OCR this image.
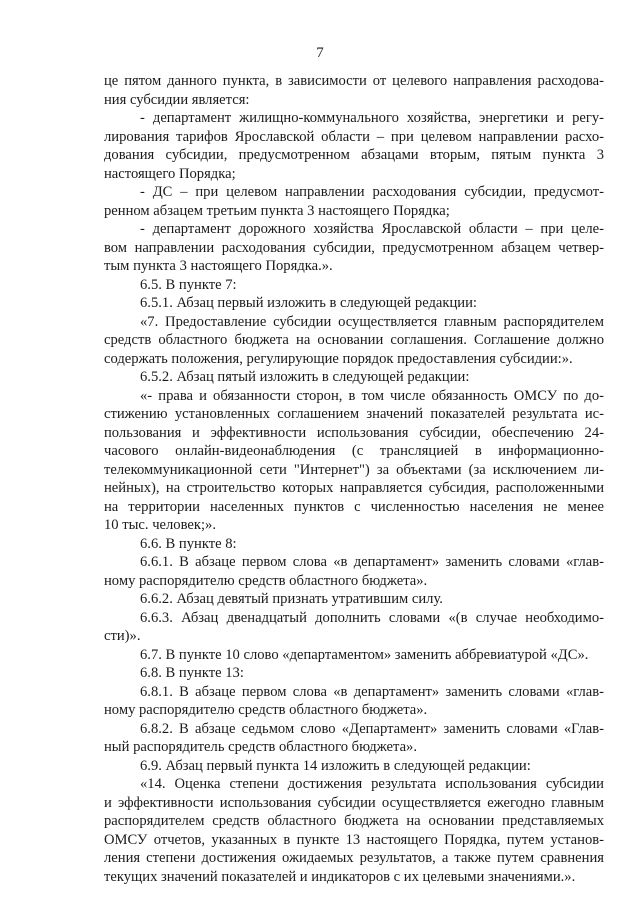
7
це пятом данного пункта, в зависимости от целевого направления расходова-
ния субсидии является:
- департамент жилищно-коммунального хозяйства, энергетики и регу-
лирования тарифов Ярославской области – при целевом направлении расхо-
дования субсидии, предусмотренном абзацами вторым, пятым пункта 3
настоящего Порядка;
- ДС – при целевом направлении расходования субсидии, предусмот-
ренном абзацем третьим пункта 3 настоящего Порядка;
- департамент дорожного хозяйства Ярославской области – при целе-
вом направлении расходования субсидии, предусмотренном абзацем четвер-
тым пункта 3 настоящего Порядка.».
6.5. В пункте 7:
6.5.1. Абзац первый изложить в следующей редакции:
«7. Предоставление субсидии осуществляется главным распорядителем
средств областного бюджета на основании соглашения. Соглашение должно
содержать положения, регулирующие порядок предоставления субсидии:».
6.5.2. Абзац пятый изложить в следующей редакции:
«- права и обязанности сторон, в том числе обязанность ОМСУ по до-
стижению установленных соглашением значений показателей результата ис-
пользования и эффективности использования субсидии, обеспечению 24-
часового онлайн-видеонаблюдения (с трансляцией в информационно-
телекоммуникационной сети "Интернет") за объектами (за исключением ли-
нейных), на строительство которых направляется субсидия, расположенными
на территории населенных пунктов с численностью населения не менее
10 тыс. человек;».
6.6. В пункте 8:
6.6.1. В абзаце первом слова «в департамент» заменить словами «глав-
ному распорядителю средств областного бюджета».
6.6.2. Абзац девятый признать утратившим силу.
6.6.3. Абзац двенадцатый дополнить словами «(в случае необходимо-
сти)».
6.7. В пункте 10 слово «департаментом» заменить аббревиатурой «ДС».
6.8. В пункте 13:
6.8.1. В абзаце первом слова «в департамент» заменить словами «глав-
ному распорядителю средств областного бюджета».
6.8.2. В абзаце седьмом слово «Департамент» заменить словами «Глав-
ный распорядитель средств областного бюджета».
6.9. Абзац первый пункта 14 изложить в следующей редакции:
«14. Оценка степени достижения результата использования субсидии
и эффективности использования субсидии осуществляется ежегодно главным
распорядителем средств областного бюджета на основании представляемых
ОМСУ отчетов, указанных в пункте 13 настоящего Порядка, путем установ-
ления степени достижения ожидаемых результатов, а также путем сравнения
текущих значений показателей и индикаторов с их целевыми значениями.».
